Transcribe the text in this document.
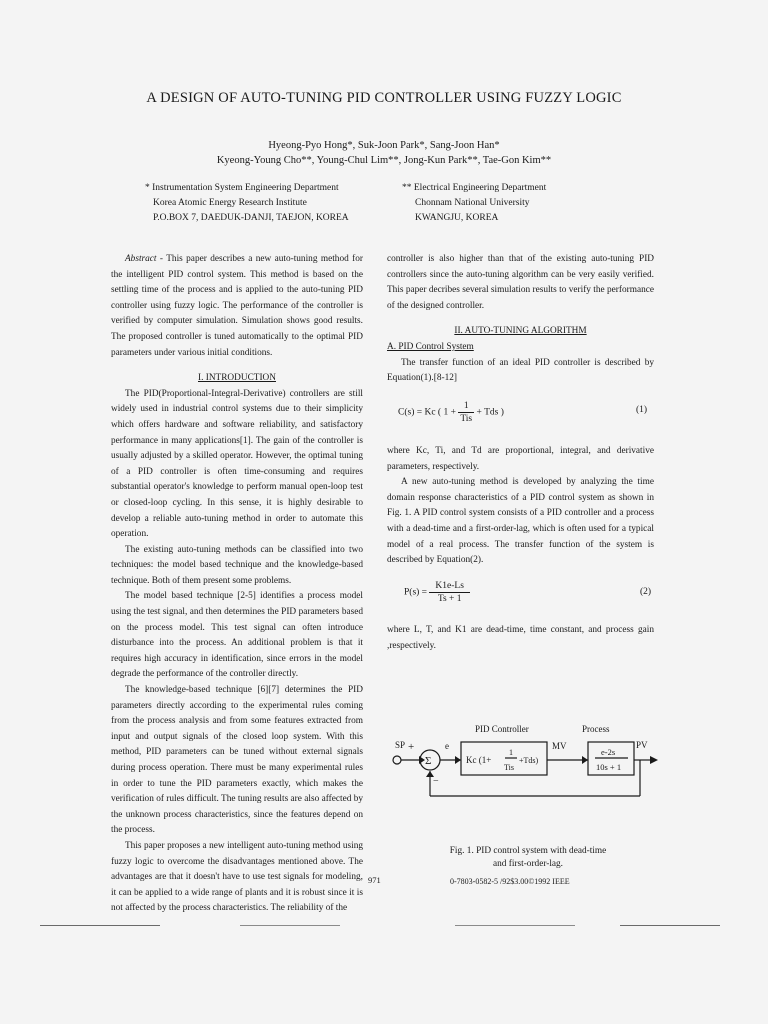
A DESIGN OF AUTO-TUNING PID CONTROLLER USING FUZZY LOGIC
Hyeong-Pyo Hong*, Suk-Joon Park*, Sang-Joon Han*
Kyeong-Young Cho**, Young-Chul Lim**, Jong-Kun Park**, Tae-Gon Kim**
* Instrumentation System Engineering Department
Korea Atomic Energy Research Institute
P.O.BOX 7, DAEDUK-DANJI, TAEJON, KOREA
** Electrical Engineering Department
Chonnam National University
KWANGJU, KOREA

Abstract - This paper describes a new auto-tuning method for the intelligent PID control system. This method is based on the settling time of the process and is applied to the auto-tuning PID controller using fuzzy logic. The performance of the controller is verified by computer simulation. Simulation shows good results. The proposed controller is tuned automatically to the optimal PID parameters under various initial conditions.

I. INTRODUCTION

The PID(Proportional-Integral-Derivative) controllers are still widely used in industrial control systems due to their simplicity which offers hardware and software reliability, and satisfactory performance in many applications[1]. The gain of the controller is usually adjusted by a skilled operator. However, the optimal tuning of a PID controller is often time-consuming and requires substantial operator's knowledge to perform manual open-loop test or closed-loop cycling. In this sense, it is highly desirable to develop a reliable auto-tuning method in order to automate this operation.

The existing auto-tuning methods can be classified into two techniques: the model based technique and the knowledge-based technique. Both of them present some problems.

The model based technique [2-5] identifies a process model using the test signal, and then determines the PID parameters based on the process model. This test signal can often introduce disturbance into the process. An additional problem is that it requires high accuracy in identification, since errors in the model degrade the performance of the controller directly.

The knowledge-based technique [6][7] determines the PID parameters directly according to the experimental rules coming from the process analysis and from some features extracted from input and output signals of the closed loop system. With this method, PID parameters can be tuned without external signals during process operation. There must be many experimental rules in order to tune the PID parameters exactly, which makes the verification of rules difficult. The tuning results are also affected by the unknown process characteristics, since the features depend on the process.

This paper proposes a new intelligent auto-tuning method using fuzzy logic to overcome the disadvantages mentioned above. The advantages are that it doesn't have to use test signals for modeling, it can be applied to a wide range of plants and it is robust since it is not affected by the process characteristics. The reliability of the

controller is also higher than that of the existing auto-tuning PID controllers since the auto-tuning algorithm can be very easily verified. This paper decribes several simulation results to verify the performance of the designed controller.

II. AUTO-TUNING ALGORITHM

A. PID Control System

The transfer function of an ideal PID controller is described by Equation(1).[8-12]

C(s) = Kc ( $1 + \frac{1}{\text{Tis}}$ + Tds )	(1)

where Kc, Ti, and Td are proportional, integral, and derivative parameters, respectively.

A new auto-tuning method is developed by analyzing the time domain response characteristics of a PID control system as shown in Fig. 1. A PID control system consists of a PID controller and a process with a dead-time and a first-order-lag, which is often used for a typical model of a real process. The transfer function of the system is described by Equation(2).

$P(s) = \frac{K1e-Ls}{Ts + 1}$	(2)

where L, T, and K1 are dead-time, time constant, and process gain ,respectively.

PID Controller	Process
SP +
−
Σ
e	MV	PV
Kc (1+
1
Tis
+Tds)
e-2s
10s + 1
Fig. 1. PID control system with dead-time
and first-order-lag.
971	0-7803-0582-5 /92$3.00©1992 IEEE
